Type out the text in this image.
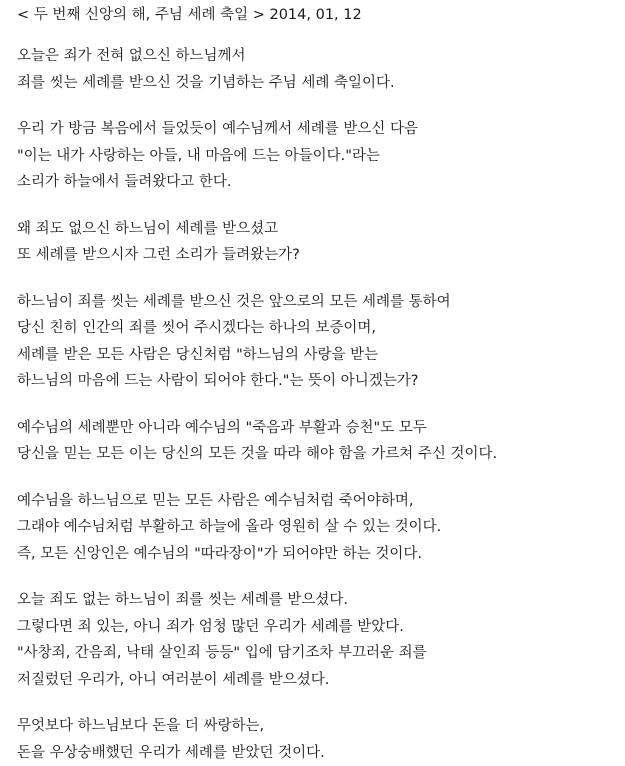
< 두 번째 신앙의 해, 주님 세례 축일 > 2014, 01, 12
오늘은 죄가 전혀 없으신 하느님께서
죄를 씻는 세례를 받으신 것을 기념하는 주님 세례 축일이다.
우리 가 방금 복음에서 들었듯이 예수님께서 세례를 받으신 다음
"이는 내가 사랑하는 아들, 내 마음에 드는 아들이다."라는
소리가 하늘에서 들려왔다고 한다.
왜 죄도 없으신 하느님이 세례를 받으셨고
또 세례를 받으시자 그런 소리가 들려왔는가?
하느님이 죄를 씻는 세례를 받으신 것은 앞으로의 모든 세례를 통하여
당신 친히 인간의 죄를 씻어 주시겠다는 하나의 보증이며,
세례를 받은 모든 사람은 당신처럼 "하느님의 사랑을 받는
하느님의 마음에 드는 사람이 되어야 한다."는 뜻이 아니겠는가?
예수님의 세례뿐만 아니라 예수님의 "죽음과 부활과 승천"도 모두
당신을 믿는 모든 이는 당신의 모든 것을 따라 해야 함을 가르쳐 주신 것이다.
예수님을 하느님으로 믿는 모든 사람은 예수님처럼 죽어야하며,
그래야 예수님처럼 부활하고 하늘에 올라 영원히 살 수 있는 것이다.
즉, 모든 신앙인은 예수님의 "따라장이"가 되어야만 하는 것이다.
오늘 죄도 없는 하느님이 죄를 씻는 세례를 받으셨다.
그렇다면 죄 있는, 아니 죄가 엄청 많던 우리가 세례를 받았다.
"사창죄, 간음죄, 낙태 살인죄 등등" 입에 담기조차 부끄러운 죄를
저질렀던 우리가, 아니 여러분이 세례를 받으셨다.
무엇보다 하느님보다 돈을 더 싸랑하는,
돈을 우상숭배했던 우리가 세례를 받았던 것이다.
